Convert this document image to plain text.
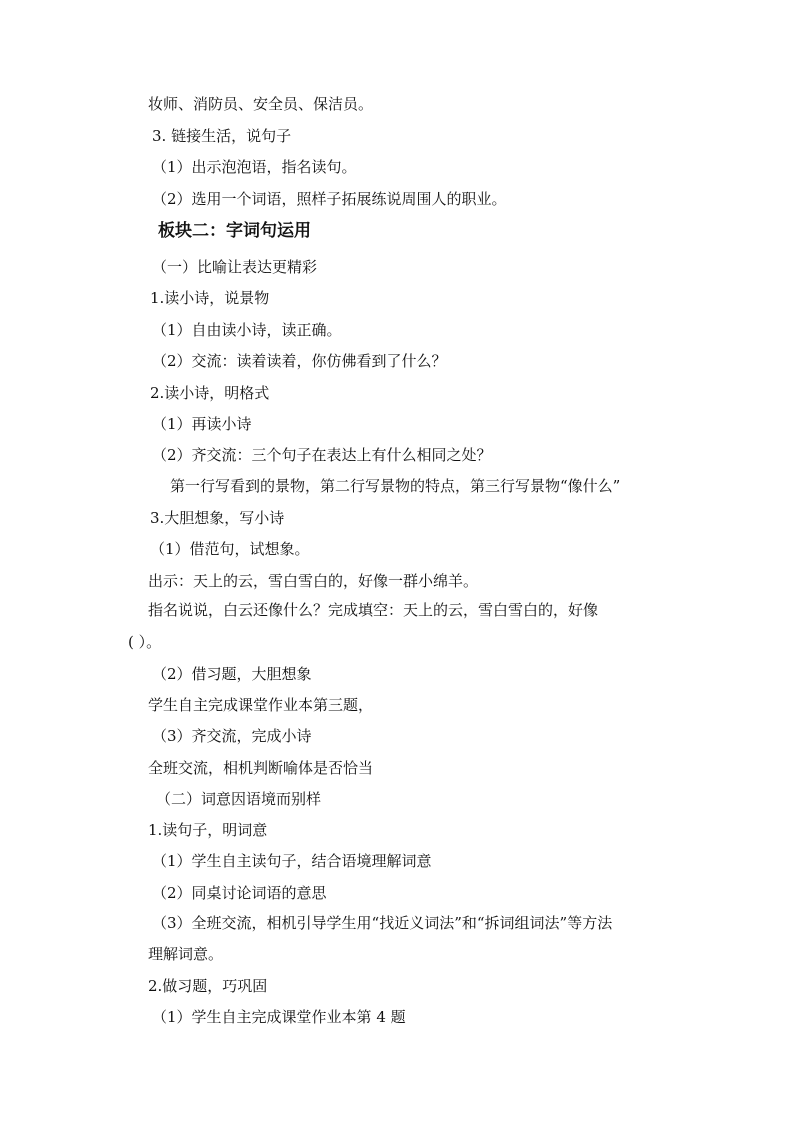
妆师、消防员、安全员、保洁员。
3. 链接生活，说句子
（1）出示泡泡语，指名读句。
（2）选用一个词语，照样子拓展练说周围人的职业。
板块二：字词句运用
（一）比喻让表达更精彩
1.读小诗，说景物
（1）自由读小诗，读正确。
（2）交流：读着读着，你仿佛看到了什么？
2.读小诗，明格式
（1）再读小诗
（2）齐交流：三个句子在表达上有什么相同之处？
第一行写看到的景物，第二行写景物的特点，第三行写景物“像什么”
3.大胆想象，写小诗
（1）借范句，试想象。
出示：天上的云，雪白雪白的，好像一群小绵羊。
指名说说，白云还像什么？完成填空：天上的云，雪白雪白的，好像
( ）。
（2）借习题，大胆想象
学生自主完成课堂作业本第三题，
（3）齐交流，完成小诗
全班交流，相机判断喻体是否恰当
（二）词意因语境而别样
1.读句子，明词意
（1）学生自主读句子，结合语境理解词意
（2）同桌讨论词语的意思
（3）全班交流，相机引导学生用“找近义词法”和“拆词组词法”等方法
理解词意。
2.做习题，巧巩固
（1）学生自主完成课堂作业本第 4 题
